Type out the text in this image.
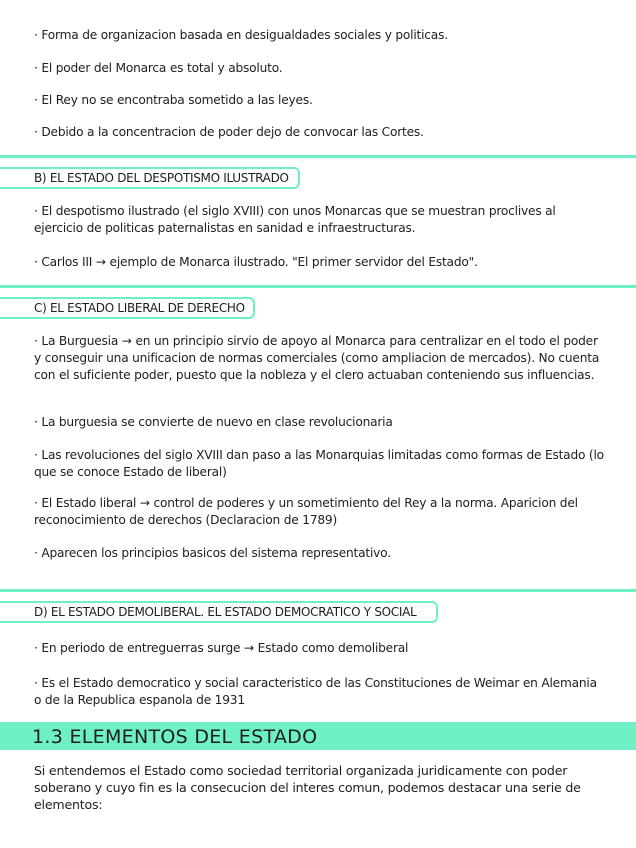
· Forma de organizacion basada en desigualdades sociales y politicas.
· El poder del Monarca es total y absoluto.
· El Rey no se encontraba sometido a las leyes.
· Debido a la concentracion de poder dejo de convocar las Cortes.
B) EL ESTADO DEL DESPOTISMO ILUSTRADO
· El despotismo ilustrado (el siglo XVIII) con unos Monarcas que se muestran proclives al ejercicio de politicas paternalistas en sanidad e infraestructuras.
· Carlos III → ejemplo de Monarca ilustrado. "El primer servidor del Estado".
C) EL ESTADO LIBERAL DE DERECHO
· La Burguesia → en un principio sirvio de apoyo al Monarca para centralizar en el todo el poder y conseguir una unificacion de normas comerciales (como ampliacion de mercados). No cuenta con el suficiente poder, puesto que la nobleza y el clero actuaban conteniendo sus influencias.
· La burguesia se convierte de nuevo en clase revolucionaria
· Las revoluciones del siglo XVIII dan paso a las Monarquias limitadas como formas de Estado (lo que se conoce Estado de liberal)
· El Estado liberal → control de poderes y un sometimiento del Rey a la norma. Aparicion del reconocimiento de derechos (Declaracion de 1789)
· Aparecen los principios basicos del sistema representativo.
D) EL ESTADO DEMOLIBERAL. EL ESTADO DEMOCRATICO Y SOCIAL
· En periodo de entreguerras surge → Estado como demoliberal
· Es el Estado democratico y social caracteristico de las Constituciones de Weimar en Alemania o de la Republica espanola de 1931
1.3 ELEMENTOS DEL ESTADO
Si entendemos el Estado como sociedad territorial organizada juridicamente con poder soberano y cuyo fin es la consecucion del interes comun, podemos destacar una serie de elementos:
